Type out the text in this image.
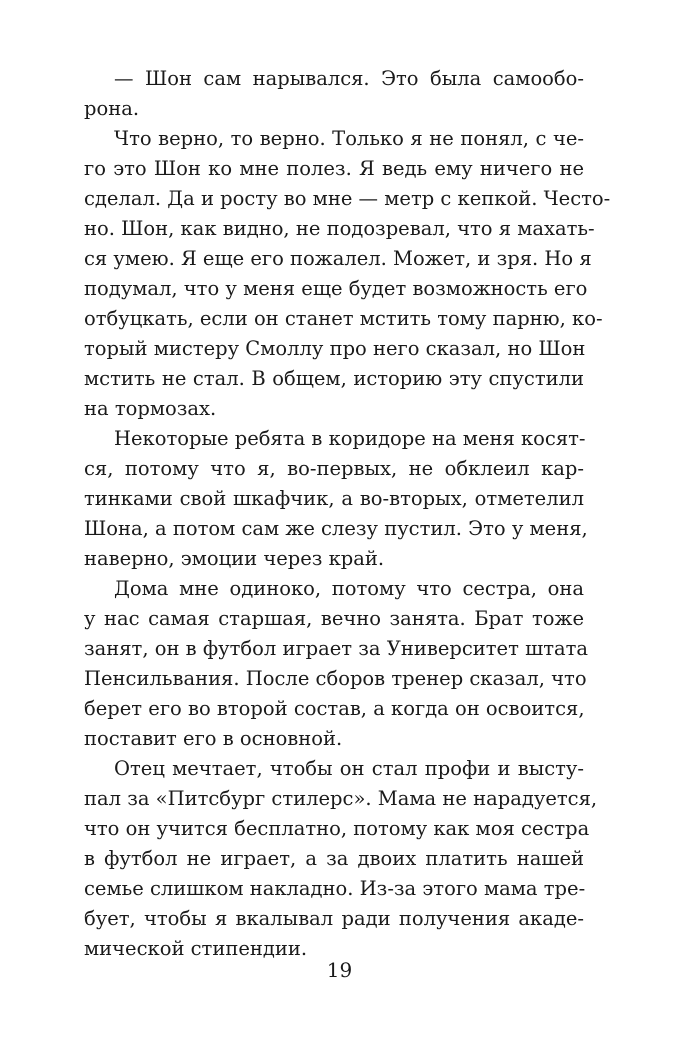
— Шон сам нарывался. Это была самообо-
рона.
Что верно, то верно. Только я не понял, с че-
го это Шон ко мне полез. Я ведь ему ничего не
сделал. Да и росту во мне — метр с кепкой. Често-
но. Шон, как видно, не подозревал, что я махать-
ся умею. Я еще его пожалел. Может, и зря. Но я
подумал, что у меня еще будет возможность его
отбуцкать, если он станет мстить тому парню, ко-
торый мистеру Смоллу про него сказал, но Шон
мстить не стал. В общем, историю эту спустили
на тормозах.
Некоторые ребята в коридоре на меня косят-
ся, потому что я, во-первых, не обклеил кар-
тинками свой шкафчик, а во-вторых, отметелил
Шона, а потом сам же слезу пустил. Это у меня,
наверно, эмоции через край.
Дома мне одиноко, потому что сестра, она
у нас самая старшая, вечно занята. Брат тоже
занят, он в футбол играет за Университет штата
Пенсильвания. После сборов тренер сказал, что
берет его во второй состав, а когда он освоится,
поставит его в основной.
Отец мечтает, чтобы он стал профи и высту-
пал за «Питсбург стилерс». Мама не нарадуется,
что он учится бесплатно, потому как моя сестра
в футбол не играет, а за двоих платить нашей
семье слишком накладно. Из-за этого мама тре-
бует, чтобы я вкалывал ради получения акаде-
мической стипендии.
19
